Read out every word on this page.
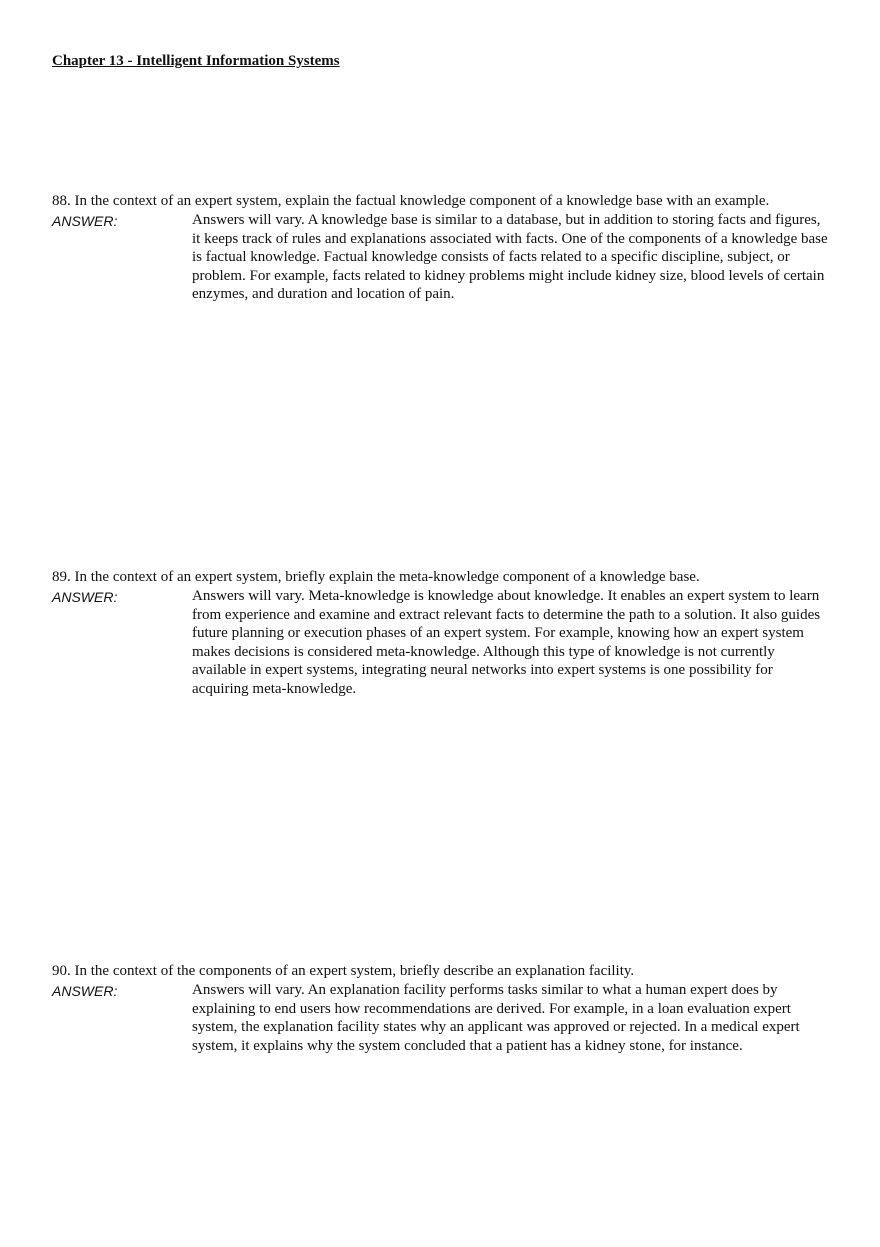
Chapter 13 - Intelligent Information Systems

88. In the context of an expert system, explain the factual knowledge component of a knowledge base with an example.

ANSWER:	Answers will vary. A knowledge base is similar to a database, but in addition to storing facts and figures, it keeps track of rules and explanations associated with facts. One of the components of a knowledge base is factual knowledge. Factual knowledge consists of facts related to a specific discipline, subject, or problem. For example, facts related to kidney problems might include kidney size, blood levels of certain enzymes, and duration and location of pain.

89. In the context of an expert system, briefly explain the meta-knowledge component of a knowledge base.

ANSWER:	Answers will vary. Meta-knowledge is knowledge about knowledge. It enables an expert system to learn from experience and examine and extract relevant facts to determine the path to a solution. It also guides future planning or execution phases of an expert system. For example, knowing how an expert system makes decisions is considered meta-knowledge. Although this type of knowledge is not currently available in expert systems, integrating neural networks into expert systems is one possibility for acquiring meta-knowledge.

90. In the context of the components of an expert system, briefly describe an explanation facility.

ANSWER:	Answers will vary. An explanation facility performs tasks similar to what a human expert does by explaining to end users how recommendations are derived. For example, in a loan evaluation expert system, the explanation facility states why an applicant was approved or rejected. In a medical expert system, it explains why the system concluded that a patient has a kidney stone, for instance.
